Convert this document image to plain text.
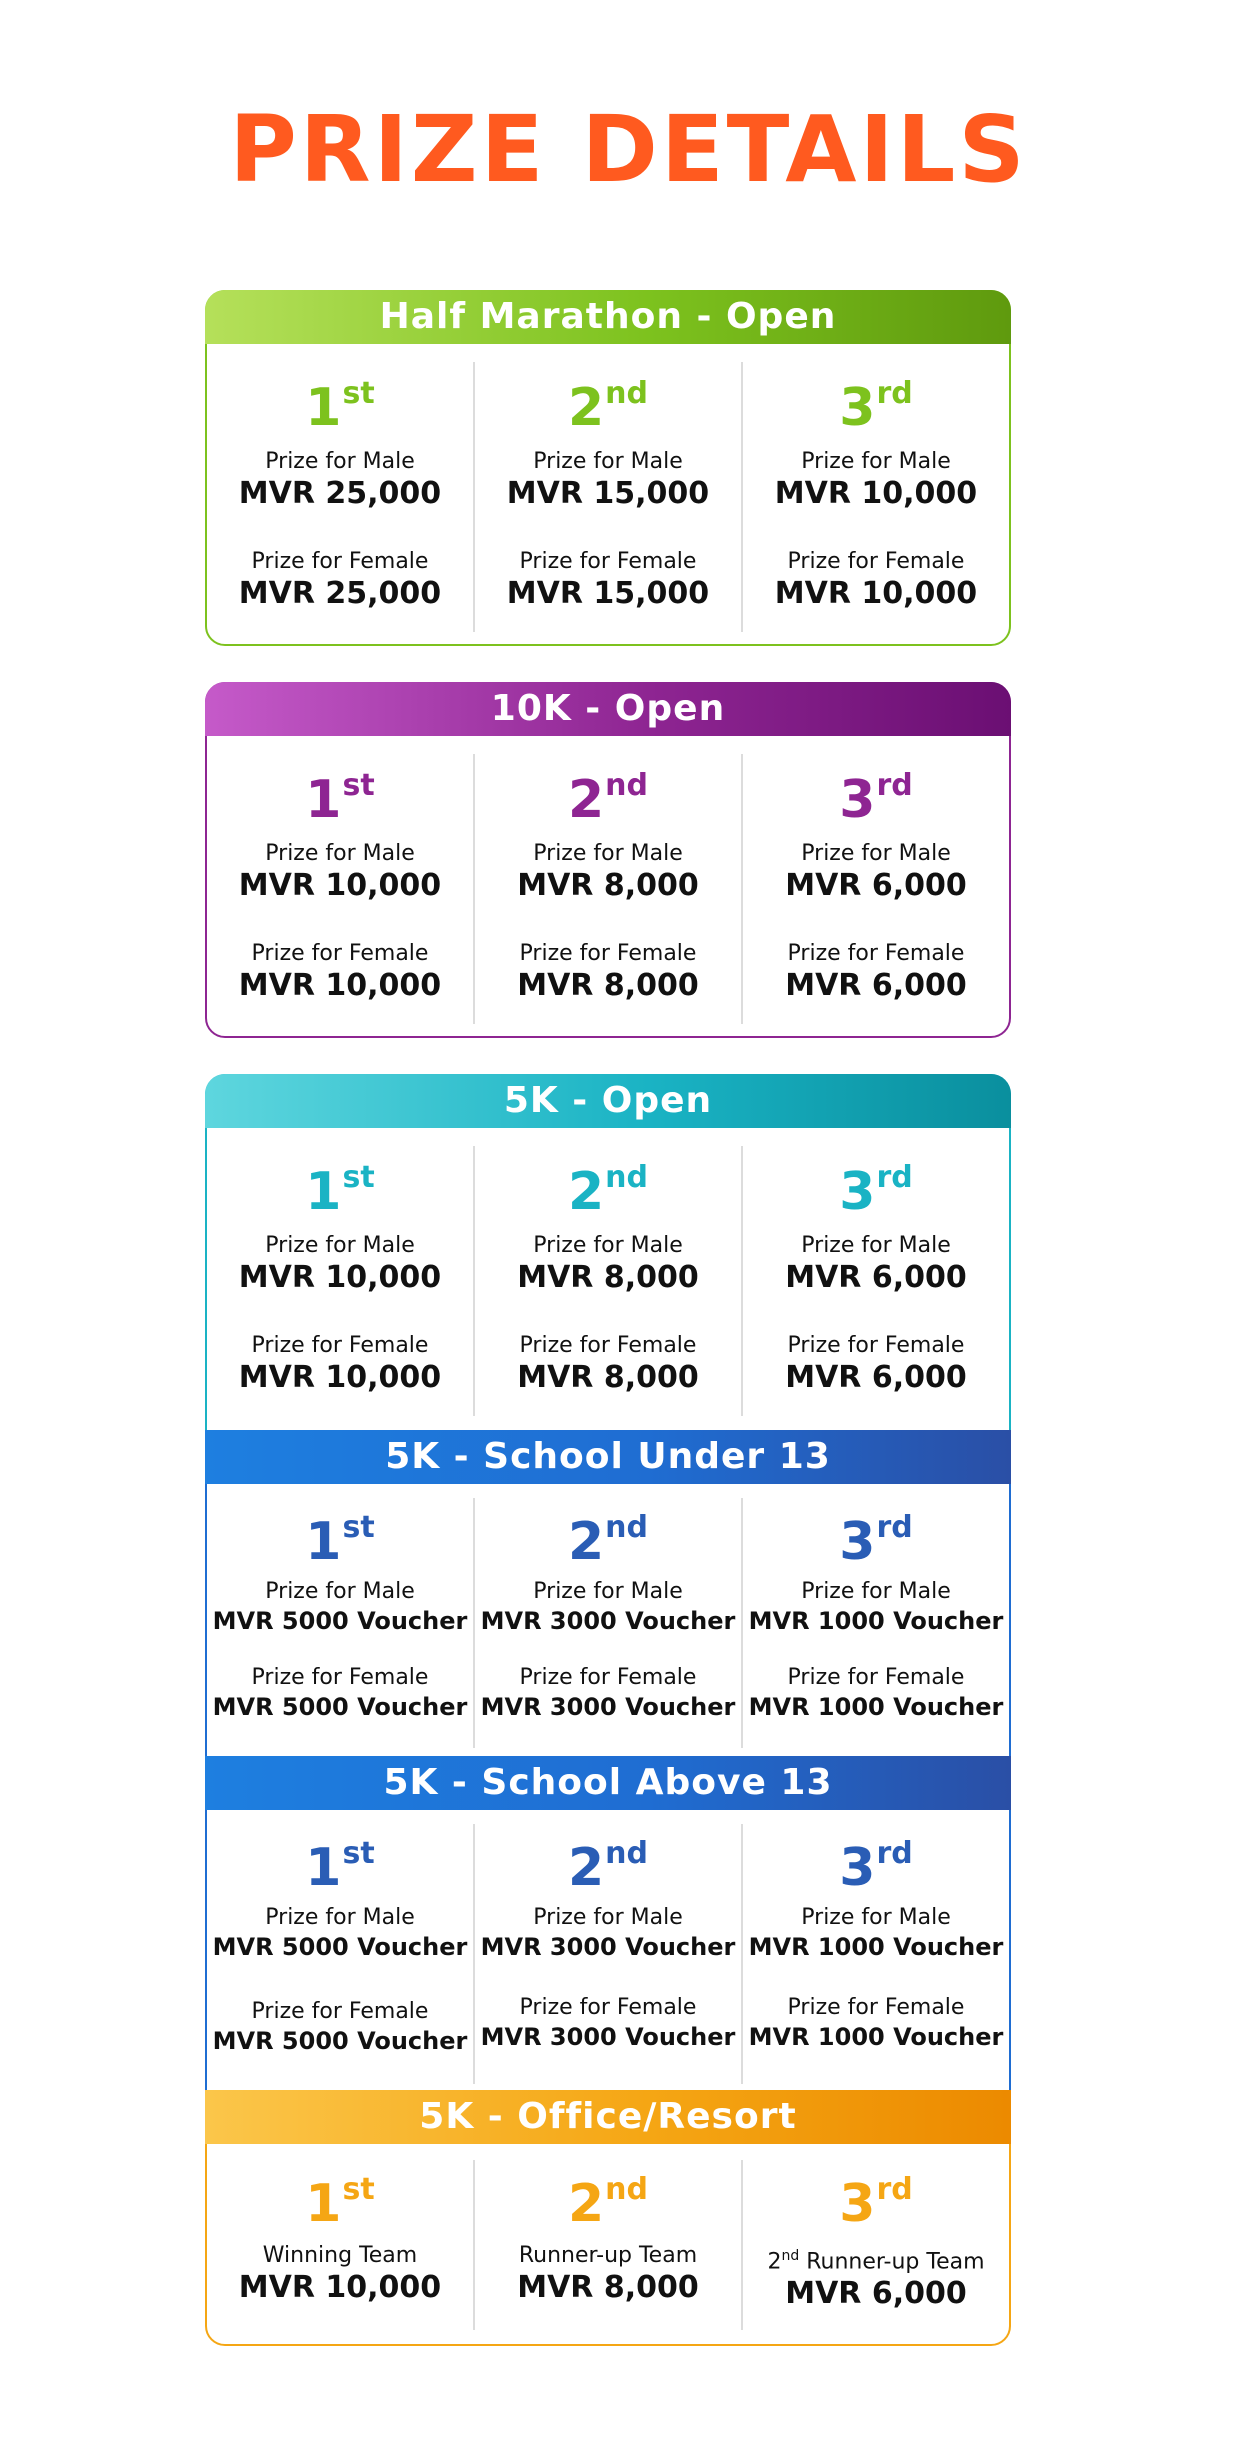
PRIZE DETAILS
Half Marathon - Open
1st
Prize for Male
MVR 25,000
Prize for Female
MVR 25,000
2nd
Prize for Male
MVR 15,000
Prize for Female
MVR 15,000
3rd
Prize for Male
MVR 10,000
Prize for Female
MVR 10,000
10K - Open
1st
Prize for Male
MVR 10,000
Prize for Female
MVR 10,000
2nd
Prize for Male
MVR 8,000
Prize for Female
MVR 8,000
3rd
Prize for Male
MVR 6,000
Prize for Female
MVR 6,000
5K - Open
1st
Prize for Male
MVR 10,000
Prize for Female
MVR 10,000
2nd
Prize for Male
MVR 8,000
Prize for Female
MVR 8,000
3rd
Prize for Male
MVR 6,000
Prize for Female
MVR 6,000
5K - School Under 13
1st
Prize for Male
MVR 5000 Voucher
Prize for Female
MVR 5000 Voucher
2nd
Prize for Male
MVR 3000 Voucher
Prize for Female
MVR 3000 Voucher
3rd
Prize for Male
MVR 1000 Voucher
Prize for Female
MVR 1000 Voucher
5K - School Above 13
1st
Prize for Male
MVR 5000 Voucher
Prize for Female
MVR 5000 Voucher
2nd
Prize for Male
MVR 3000 Voucher
Prize for Female
MVR 3000 Voucher
3rd
Prize for Male
MVR 1000 Voucher
Prize for Female
MVR 1000 Voucher
5K - Office/Resort
1st
Winning Team
MVR 10,000
2nd
Runner-up Team
MVR 8,000
3rd
2nd Runner-up Team
MVR 6,000
